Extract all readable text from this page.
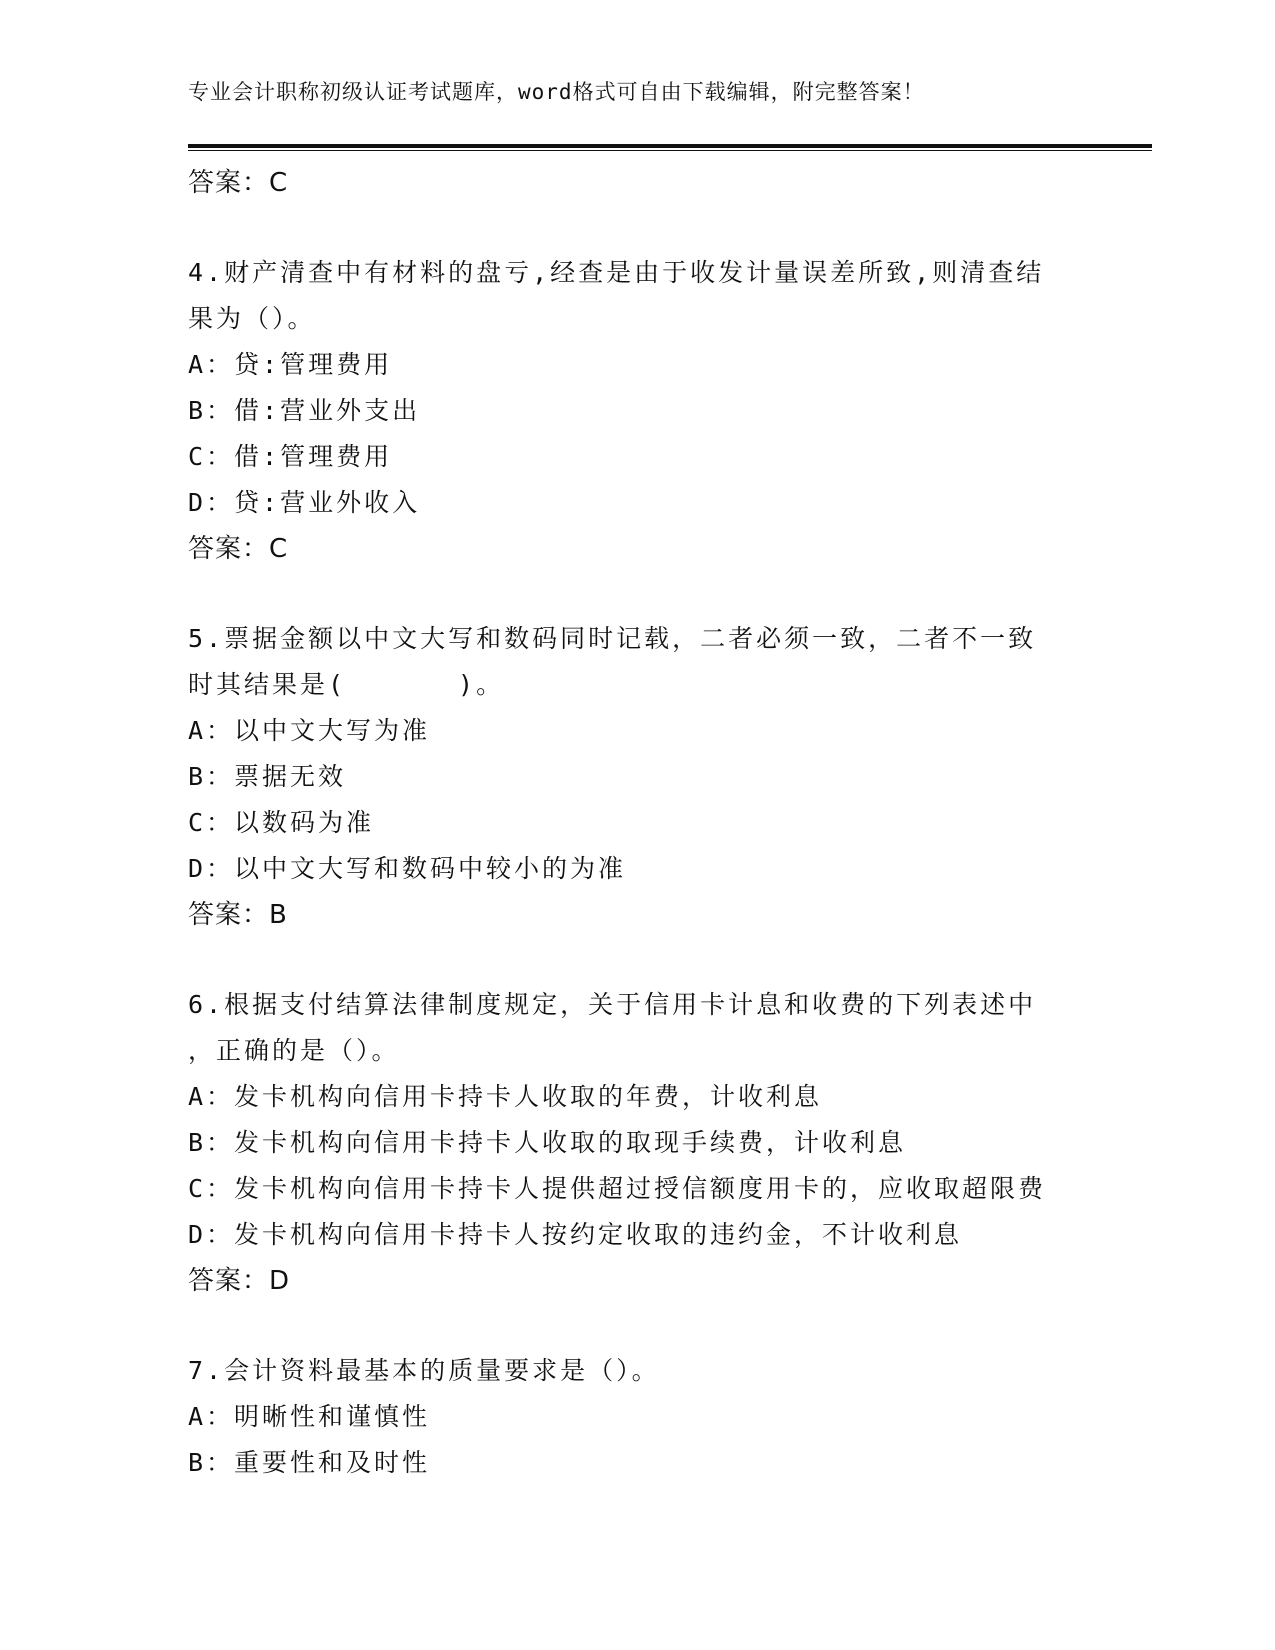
专业会计职称初级认证考试题库，word格式可自由下载编辑，附完整答案！
答案：C
4.财产清查中有材料的盘亏,经查是由于收发计量误差所致,则清查结
果为（）。
A：贷:管理费用
B：借:营业外支出
C：借:管理费用
D：贷:营业外收入
答案：C
5.票据金额以中文大写和数码同时记载，二者必须一致，二者不一致
时其结果是(　　　　)。
A：以中文大写为准
B：票据无效
C：以数码为准
D：以中文大写和数码中较小的为准
答案：B
6.根据支付结算法律制度规定，关于信用卡计息和收费的下列表述中
，正确的是（）。
A：发卡机构向信用卡持卡人收取的年费，计收利息
B：发卡机构向信用卡持卡人收取的取现手续费，计收利息
C：发卡机构向信用卡持卡人提供超过授信额度用卡的，应收取超限费
D：发卡机构向信用卡持卡人按约定收取的违约金，不计收利息
答案：D
7.会计资料最基本的质量要求是（）。
A：明晰性和谨慎性
B：重要性和及时性
